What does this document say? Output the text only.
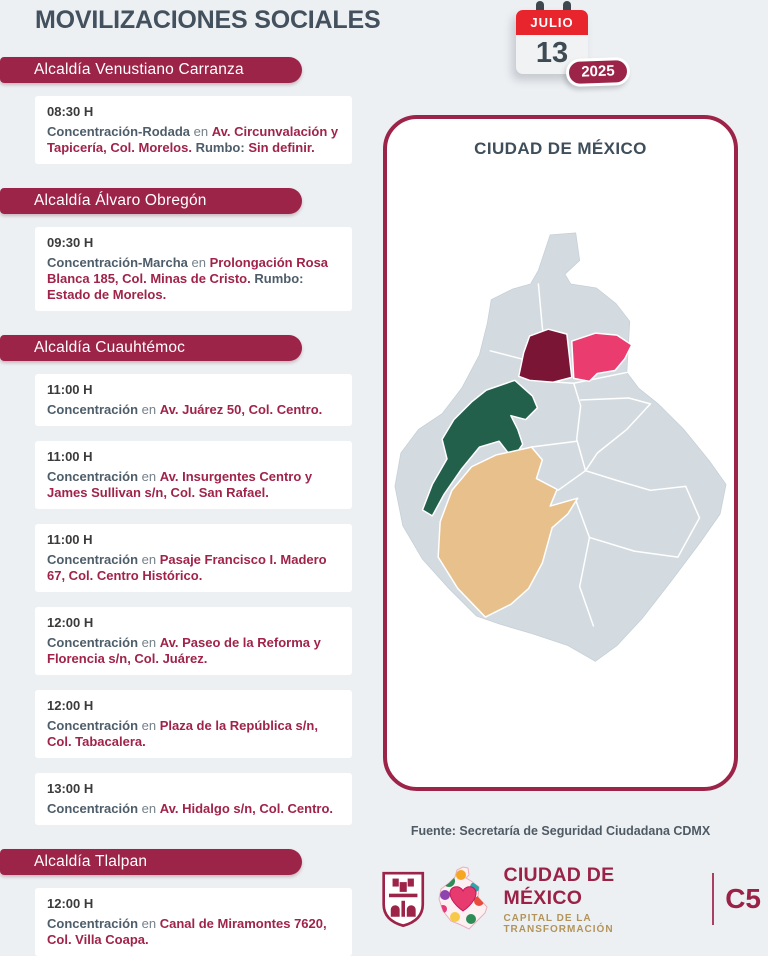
MOVILIZACIONES SOCIALES	JULIO
13
2025
Alcaldía Venustiano Carranza
08:30 H
Concentración-Rodada en Av. Circunvalación y Tapicería, Col. Morelos. Rumbo: Sin definir.
Alcaldía Álvaro Obregón
09:30 H
Concentración-Marcha en Prolongación Rosa Blanca 185, Col. Minas de Cristo. Rumbo: Estado de Morelos.
Alcaldía Cuauhtémoc
11:00 H
Concentración en Av. Juárez 50, Col. Centro.
11:00 H
Concentración en Av. Insurgentes Centro y James Sullivan s/n, Col. San Rafael.
11:00 H
Concentración en Pasaje Francisco I. Madero 67, Col. Centro Histórico.
12:00 H
Concentración en Av. Paseo de la Reforma y Florencia s/n, Col. Juárez.
12:00 H
Concentración en Plaza de la República s/n, Col. Tabacalera.
13:00 H
Concentración en Av. Hidalgo s/n, Col. Centro.
Alcaldía Tlalpan
12:00 H
Concentración en Canal de Miramontes 7620, Col. Villa Coapa.
CIUDAD DE MÉXICO
Fuente: Secretaría de Seguridad Ciudadana CDMX
CIUDAD DE MÉXICO
CAPITAL DE LA TRANSFORMACIÓN
C5
